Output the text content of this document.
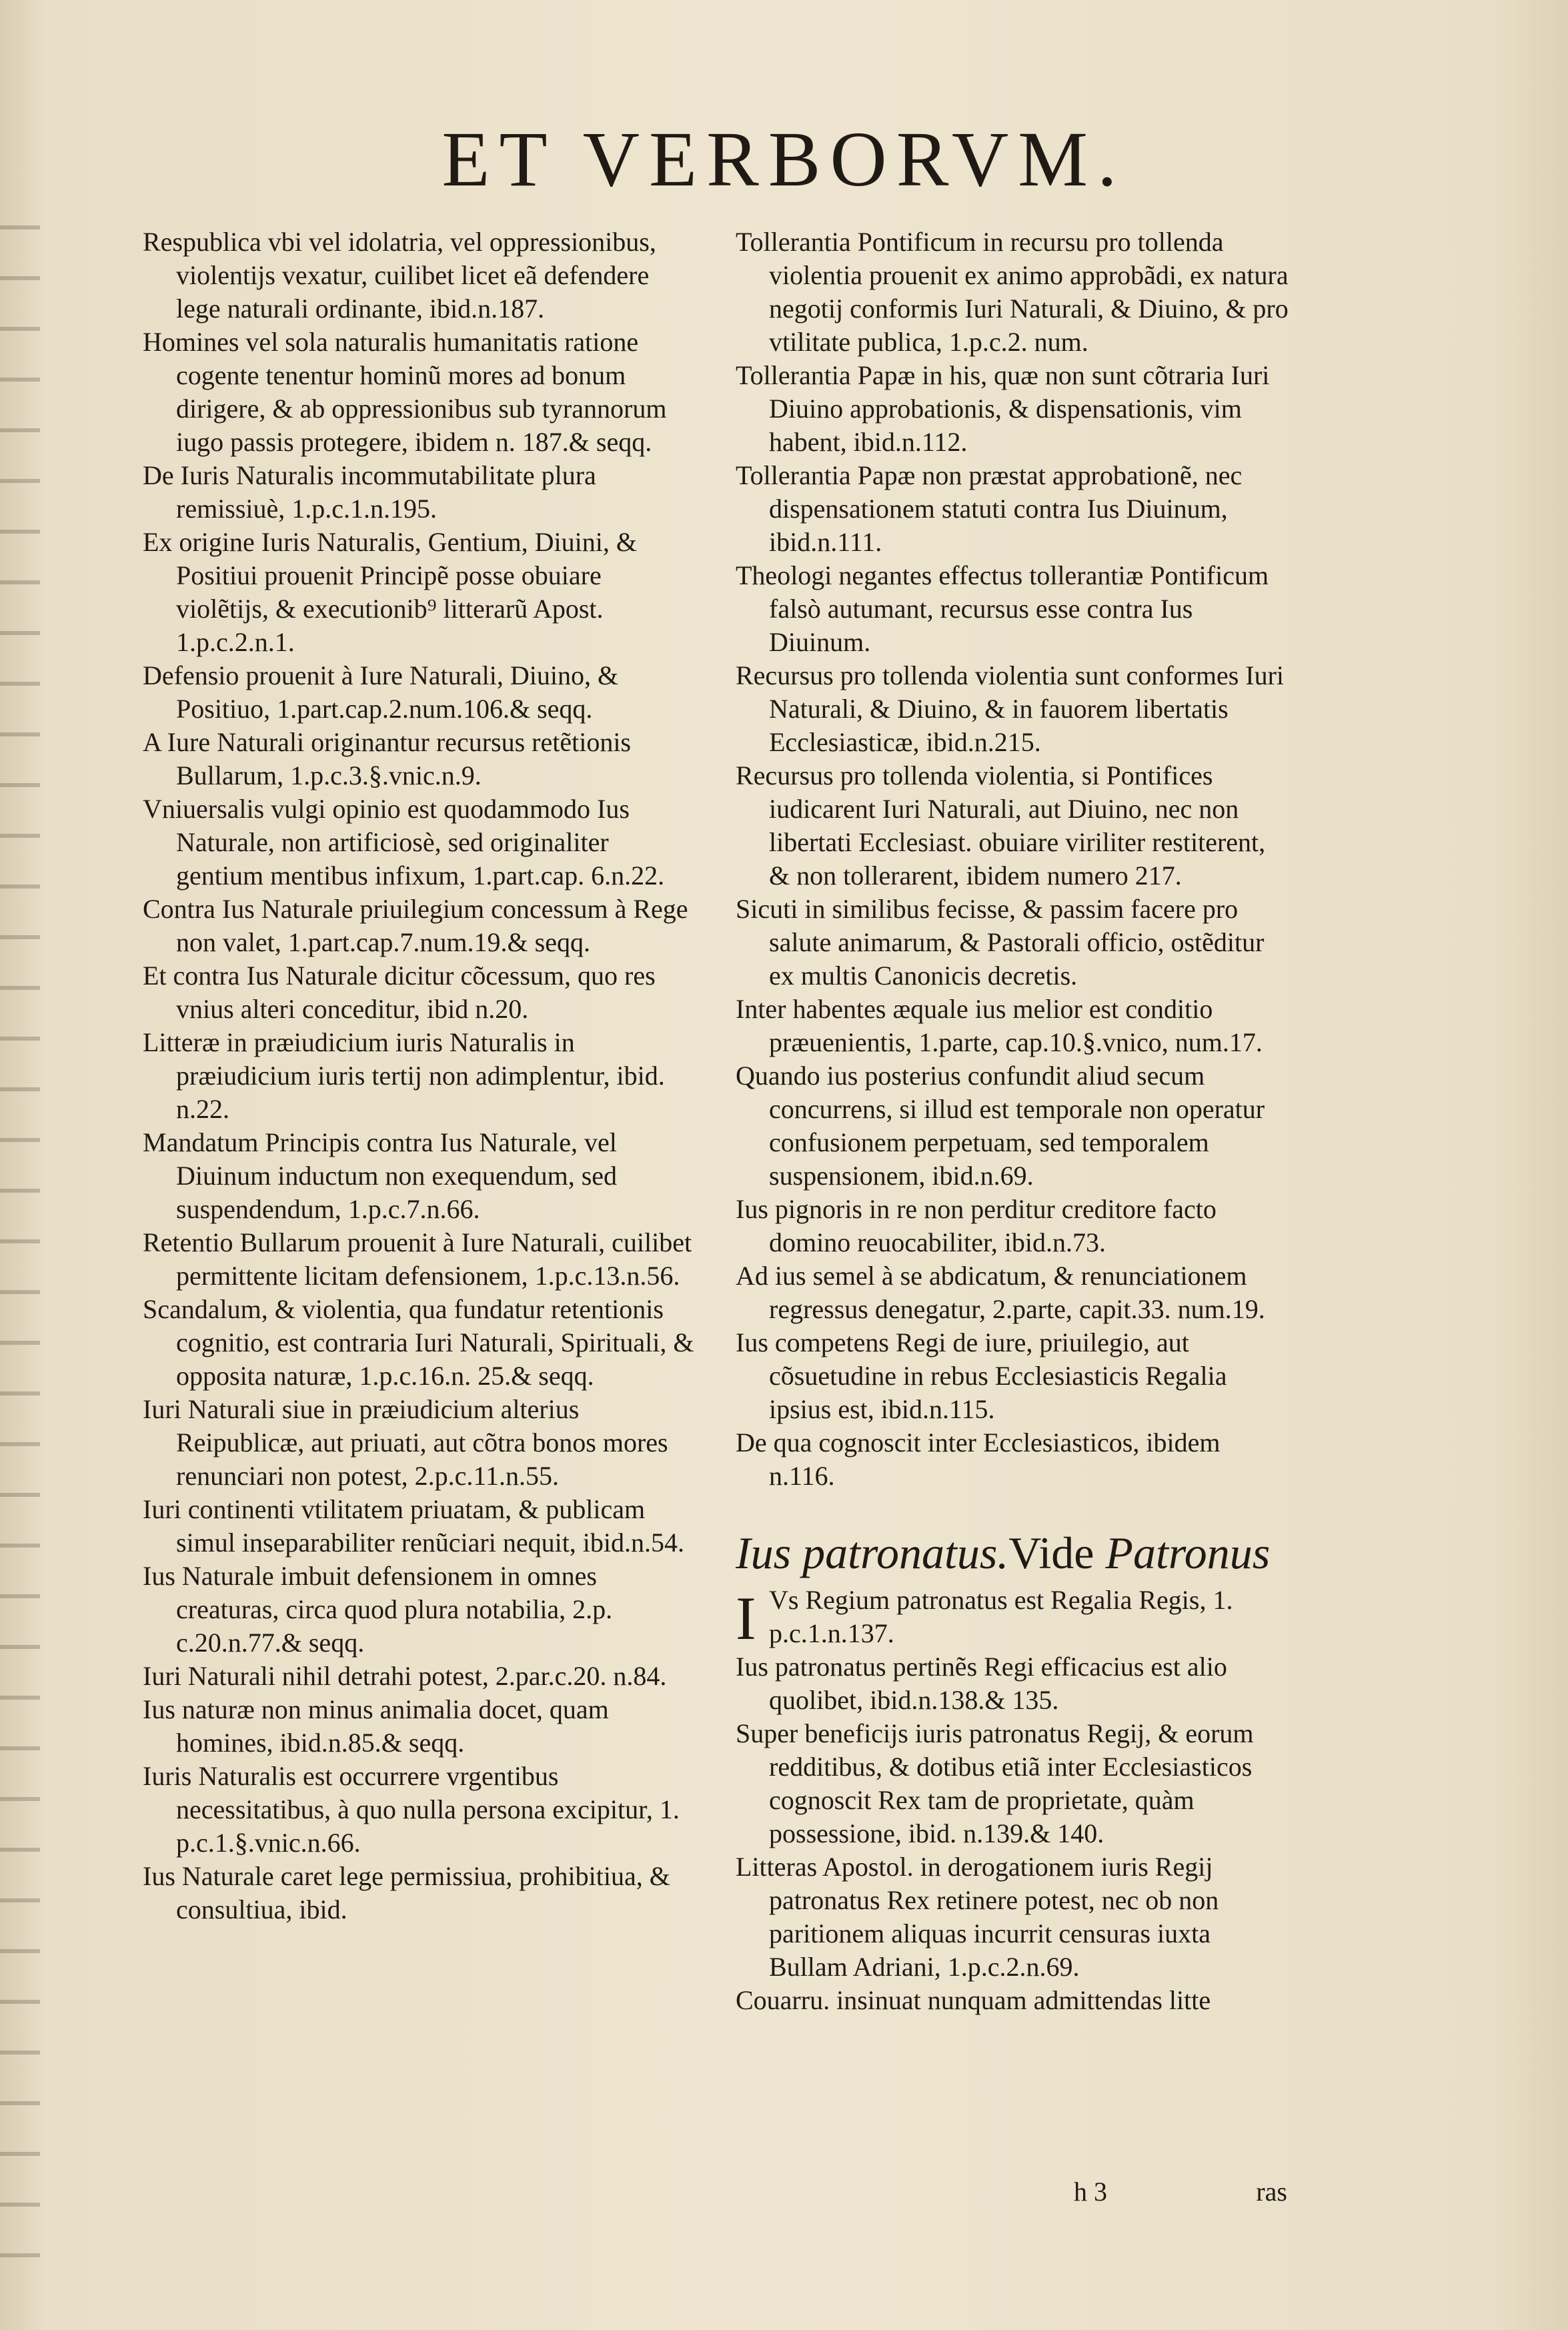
ET VERBORVM.

Respublica vbi vel idolatria, vel oppressionibus, violentijs vexatur, cuilibet licet eã defendere lege naturali ordinante, ibid.n.187.

Homines vel sola naturalis humanitatis ratione cogente tenentur hominũ mores ad bonum dirigere, & ab oppressionibus sub tyrannorum iugo passis protegere, ibidem n. 187.& seqq.

De Iuris Naturalis incommutabilitate plura remissiuè, 1.p.c.1.n.195.

Ex origine Iuris Naturalis, Gentium, Diuini, & Positiui prouenit Principẽ posse obuiare violẽtijs, & executionib⁹ litterarũ Apost. 1.p.c.2.n.1.

Defensio prouenit à Iure Naturali, Diuino, & Positiuo, 1.part.cap.2.num.106.& seqq.

A Iure Naturali originantur recursus retẽtionis Bullarum, 1.p.c.3.§.vnic.n.9.

Vniuersalis vulgi opinio est quodammodo Ius Naturale, non artificiosè, sed originaliter gentium mentibus infixum, 1.part.cap. 6.n.22.

Contra Ius Naturale priuilegium concessum à Rege non valet, 1.part.cap.7.num.19.& seqq.

Et contra Ius Naturale dicitur cõcessum, quo res vnius alteri conceditur, ibid n.20.

Litteræ in præiudicium iuris Naturalis in præiudicium iuris tertij non adimplentur, ibid. n.22.

Mandatum Principis contra Ius Naturale, vel Diuinum inductum non exequendum, sed suspendendum, 1.p.c.7.n.66.

Retentio Bullarum prouenit à Iure Naturali, cuilibet permittente licitam defensionem, 1.p.c.13.n.56.

Scandalum, & violentia, qua fundatur retentionis cognitio, est contraria Iuri Naturali, Spirituali, & opposita naturæ, 1.p.c.16.n. 25.& seqq.

Iuri Naturali siue in præiudicium alterius Reipublicæ, aut priuati, aut cõtra bonos mores renunciari non potest, 2.p.c.11.n.55.

Iuri continenti vtilitatem priuatam, & publicam simul inseparabiliter renũciari nequit, ibid.n.54.

Ius Naturale imbuit defensionem in omnes creaturas, circa quod plura notabilia, 2.p. c.20.n.77.& seqq.

Iuri Naturali nihil detrahi potest, 2.par.c.20. n.84.

Ius naturæ non minus animalia docet, quam homines, ibid.n.85.& seqq.

Iuris Naturalis est occurrere vrgentibus necessitatibus, à quo nulla persona excipitur, 1. p.c.1.§.vnic.n.66.

Ius Naturale caret lege permissiua, prohibitiua, & consultiua, ibid.

Tollerantia Pontificum in recursu pro tollenda violentia prouenit ex animo approbãdi, ex natura negotij conformis Iuri Naturali, & Diuino, & pro vtilitate publica, 1.p.c.2. num.

Tollerantia Papæ in his, quæ non sunt cõtraria Iuri Diuino approbationis, & dispensationis, vim habent, ibid.n.112.

Tollerantia Papæ non præstat approbationẽ, nec dispensationem statuti contra Ius Diuinum, ibid.n.111.

Theologi negantes effectus tollerantiæ Pontificum falsò autumant, recursus esse contra Ius Diuinum.

Recursus pro tollenda violentia sunt conformes Iuri Naturali, & Diuino, & in fauorem libertatis Ecclesiasticæ, ibid.n.215.

Recursus pro tollenda violentia, si Pontifices iudicarent Iuri Naturali, aut Diuino, nec non libertati Ecclesiast. obuiare viriliter restiterent, & non tollerarent, ibidem numero 217.

Sicuti in similibus fecisse, & passim facere pro salute animarum, & Pastorali officio, ostẽditur ex multis Canonicis decretis.

Inter habentes æquale ius melior est conditio præuenientis, 1.parte, cap.10.§.vnico, num.17.

Quando ius posterius confundit aliud secum concurrens, si illud est temporale non operatur confusionem perpetuam, sed temporalem suspensionem, ibid.n.69.

Ius pignoris in re non perditur creditore facto domino reuocabiliter, ibid.n.73.

Ad ius semel à se abdicatum, & renunciationem regressus denegatur, 2.parte, capit.33. num.19.

Ius competens Regi de iure, priuilegio, aut cõsuetudine in rebus Ecclesiasticis Regalia ipsius est, ibid.n.115.

De qua cognoscit inter Ecclesiasticos, ibidem n.116.

Ius patronatus.Vide Patronus

I Vs Regium patronatus est Regalia Regis, 1. p.c.1.n.137.

Ius patronatus pertinẽs Regi efficacius est alio quolibet, ibid.n.138.& 135.

Super beneficijs iuris patronatus Regij, & eorum redditibus, & dotibus etiã inter Ecclesiasticos cognoscit Rex tam de proprietate, quàm possessione, ibid. n.139.& 140.

Litteras Apostol. in derogationem iuris Regij patronatus Rex retinere potest, nec ob non paritionem aliquas incurrit censuras iuxta Bullam Adriani, 1.p.c.2.n.69.

Couarru. insinuat nunquam admittendas litte

h 3	ras
